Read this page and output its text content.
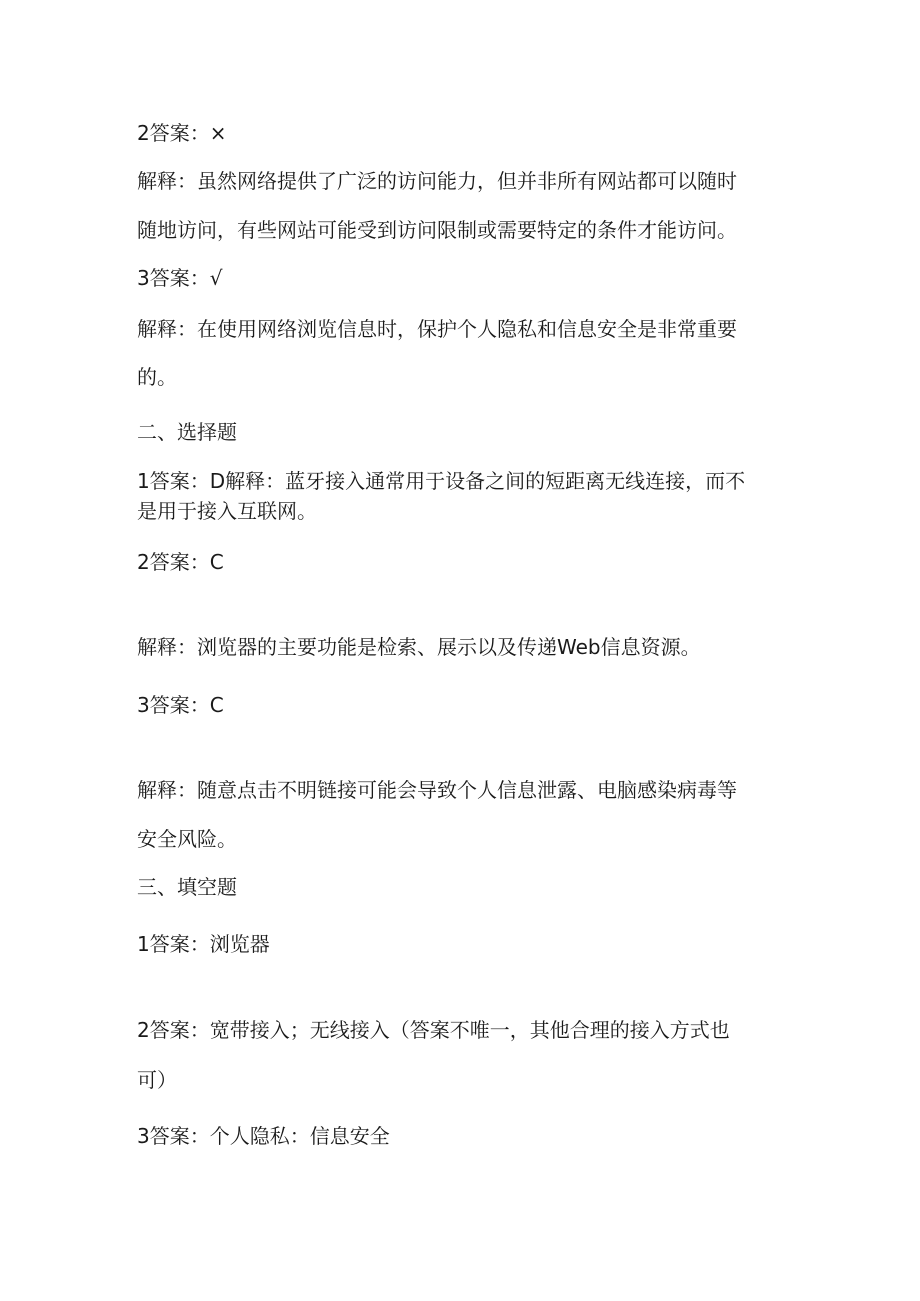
2答案：×
解释：虽然网络提供了广泛的访问能力，但并非所有网站都可以随时
随地访问，有些网站可能受到访问限制或需要特定的条件才能访问。
3答案：√
解释：在使用网络浏览信息时，保护个人隐私和信息安全是非常重要
的。
二、选择题
1答案：D解释：蓝牙接入通常用于设备之间的短距离无线连接，而不
是用于接入互联网。
2答案：C
解释：浏览器的主要功能是检索、展示以及传递Web信息资源。
3答案：C
解释：随意点击不明链接可能会导致个人信息泄露、电脑感染病毒等
安全风险。
三、填空题
1答案：浏览器
2答案：宽带接入；无线接入（答案不唯一，其他合理的接入方式也
可）
3答案：个人隐私：信息安全
